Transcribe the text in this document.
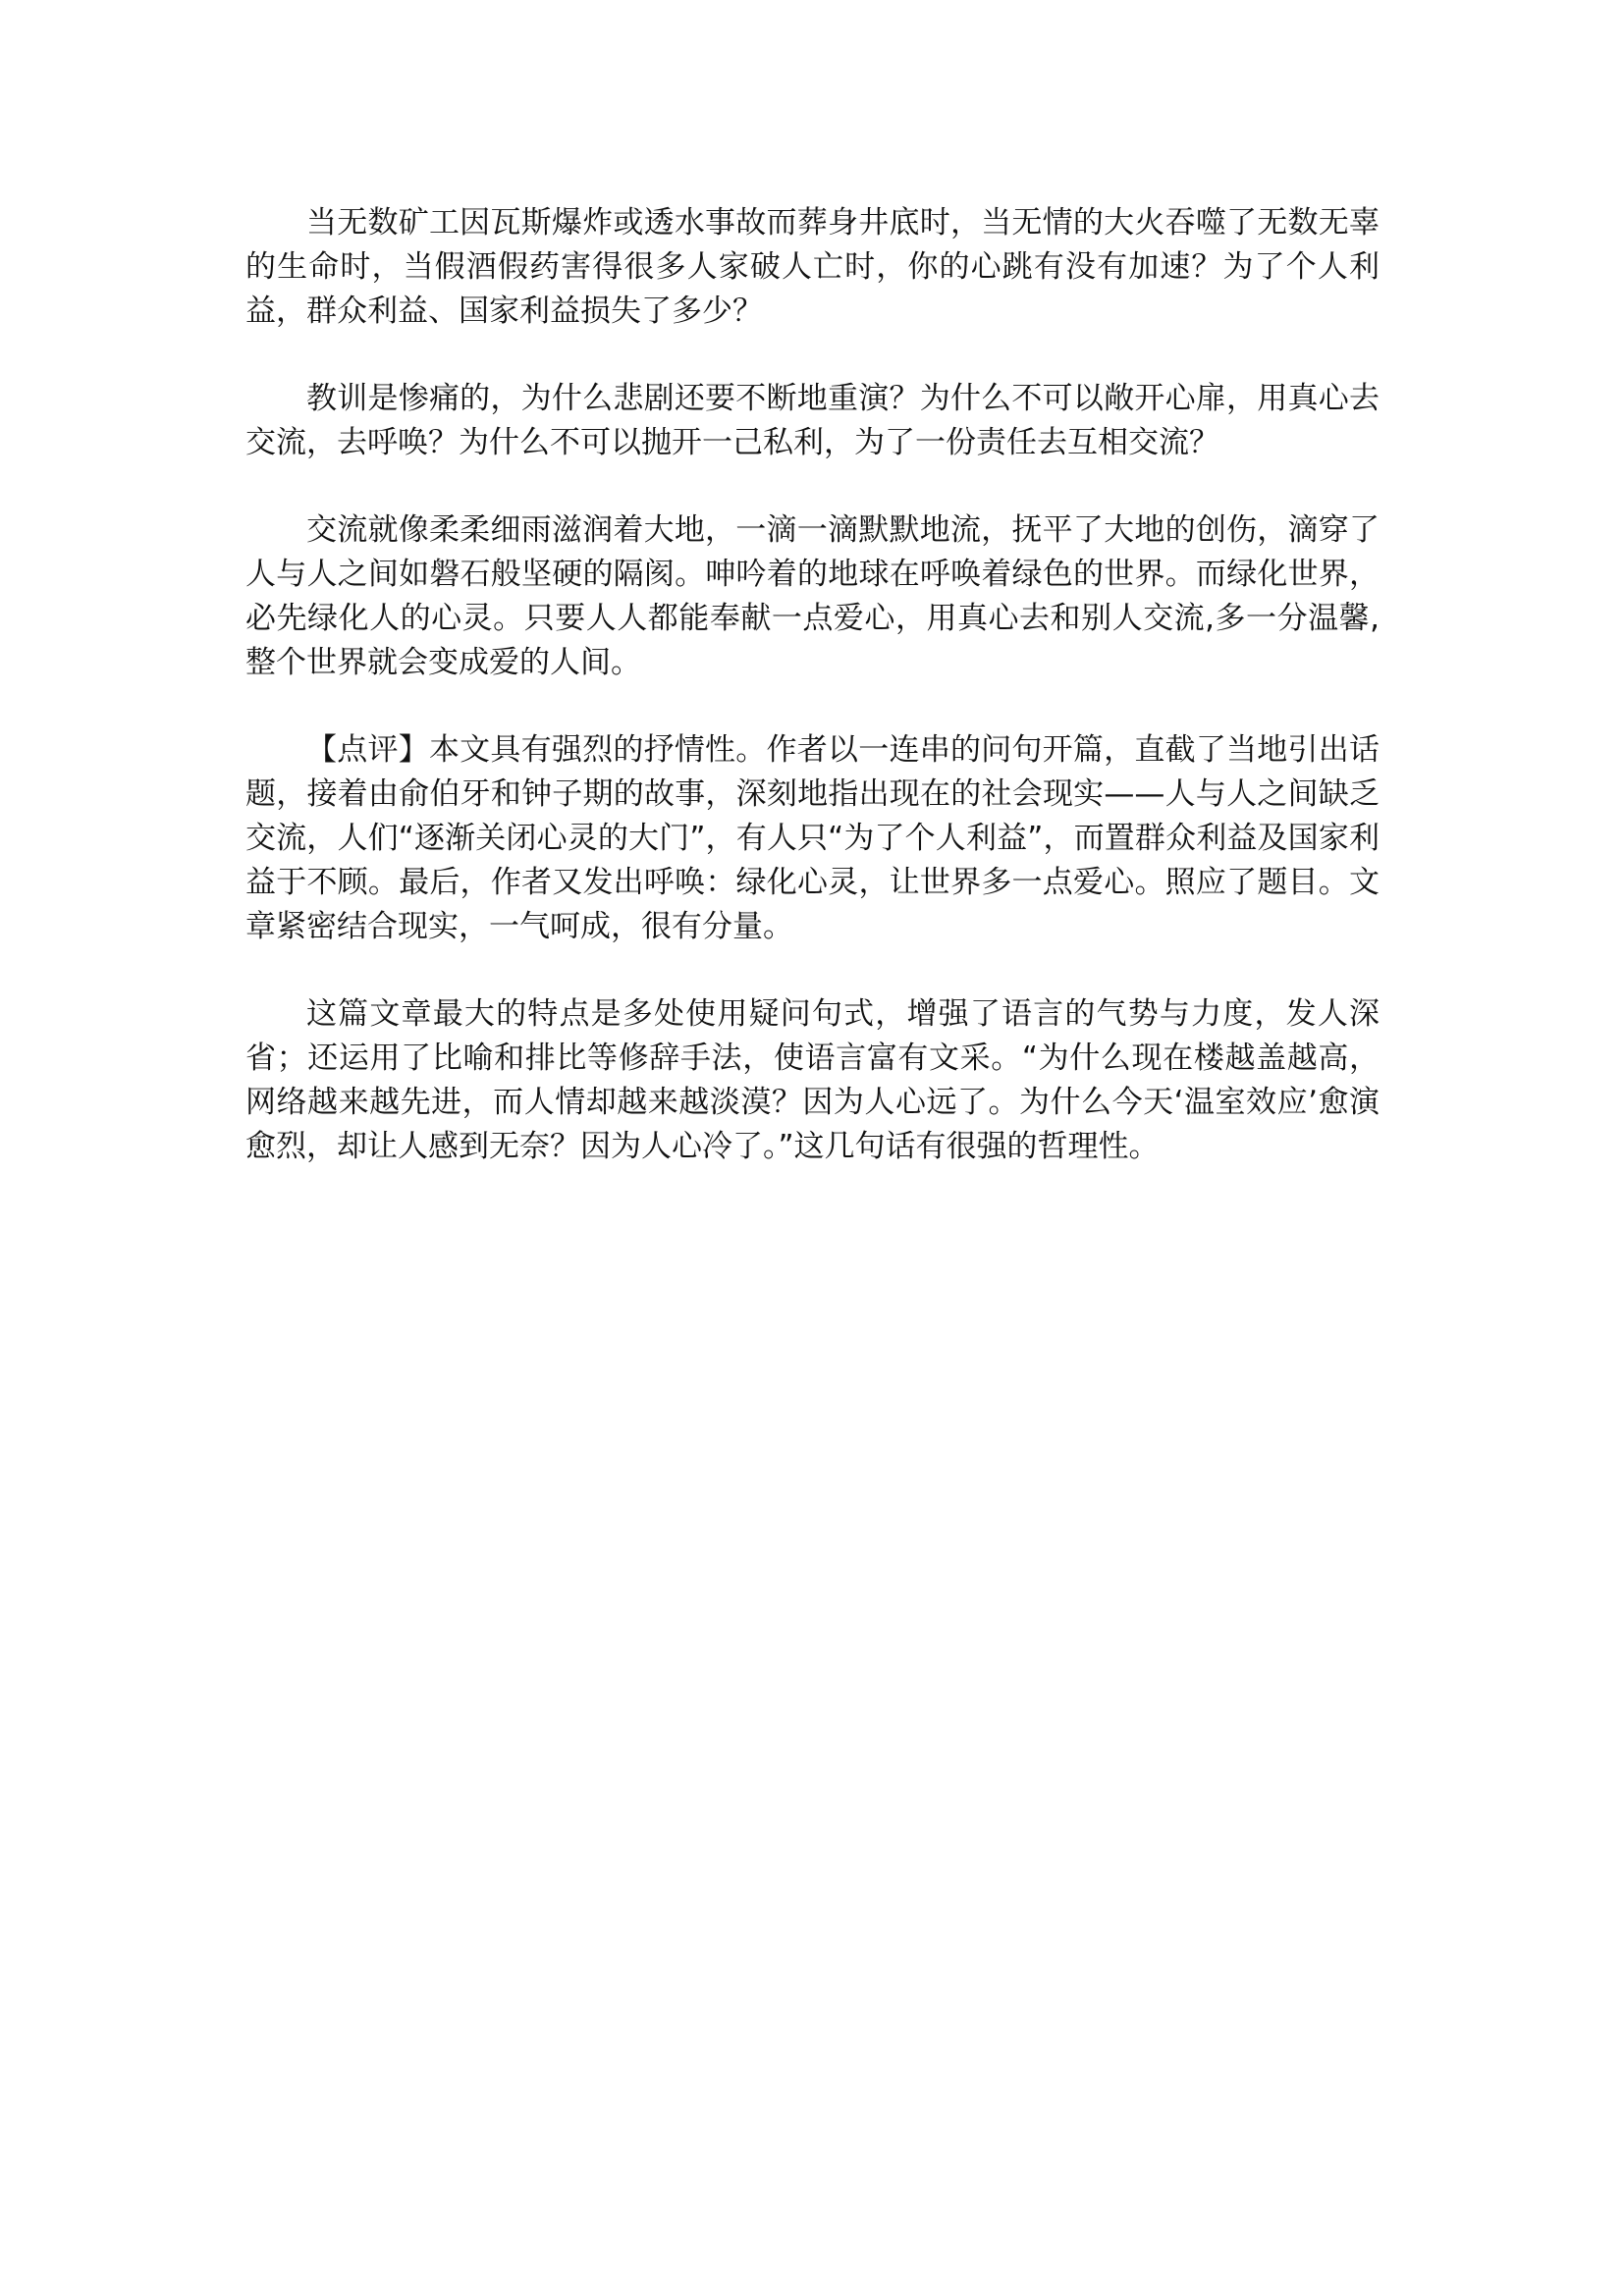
当无数矿工因瓦斯爆炸或透水事故而葬身井底时，当无情的大火吞噬了无数无辜的生命时，当假酒假药害得很多人家破人亡时，你的心跳有没有加速？为了个人利益，群众利益、国家利益损失了多少？

教训是惨痛的，为什么悲剧还要不断地重演？为什么不可以敞开心扉，用真心去交流，去呼唤？为什么不可以抛开一己私利，为了一份责任去互相交流？

交流就像柔柔细雨滋润着大地，一滴一滴默默地流，抚平了大地的创伤，滴穿了人与人之间如磐石般坚硬的隔阂。呻吟着的地球在呼唤着绿色的世界。而绿化世界，必先绿化人的心灵。只要人人都能奉献一点爱心，用真心去和别人交流,多一分温馨,整个世界就会变成爱的人间。

【点评】本文具有强烈的抒情性。作者以一连串的问句开篇，直截了当地引出话题，接着由俞伯牙和钟子期的故事，深刻地指出现在的社会现实——人与人之间缺乏交流，人们“逐渐关闭心灵的大门”，有人只“为了个人利益”，而置群众利益及国家利益于不顾。最后，作者又发出呼唤：绿化心灵，让世界多一点爱心。照应了题目。文章紧密结合现实，一气呵成，很有分量。

这篇文章最大的特点是多处使用疑问句式，增强了语言的气势与力度，发人深省；还运用了比喻和排比等修辞手法，使语言富有文采。“为什么现在楼越盖越高，网络越来越先进，而人情却越来越淡漠？因为人心远了。为什么今天‘温室效应’愈演愈烈，却让人感到无奈？因为人心冷了。”这几句话有很强的哲理性。
